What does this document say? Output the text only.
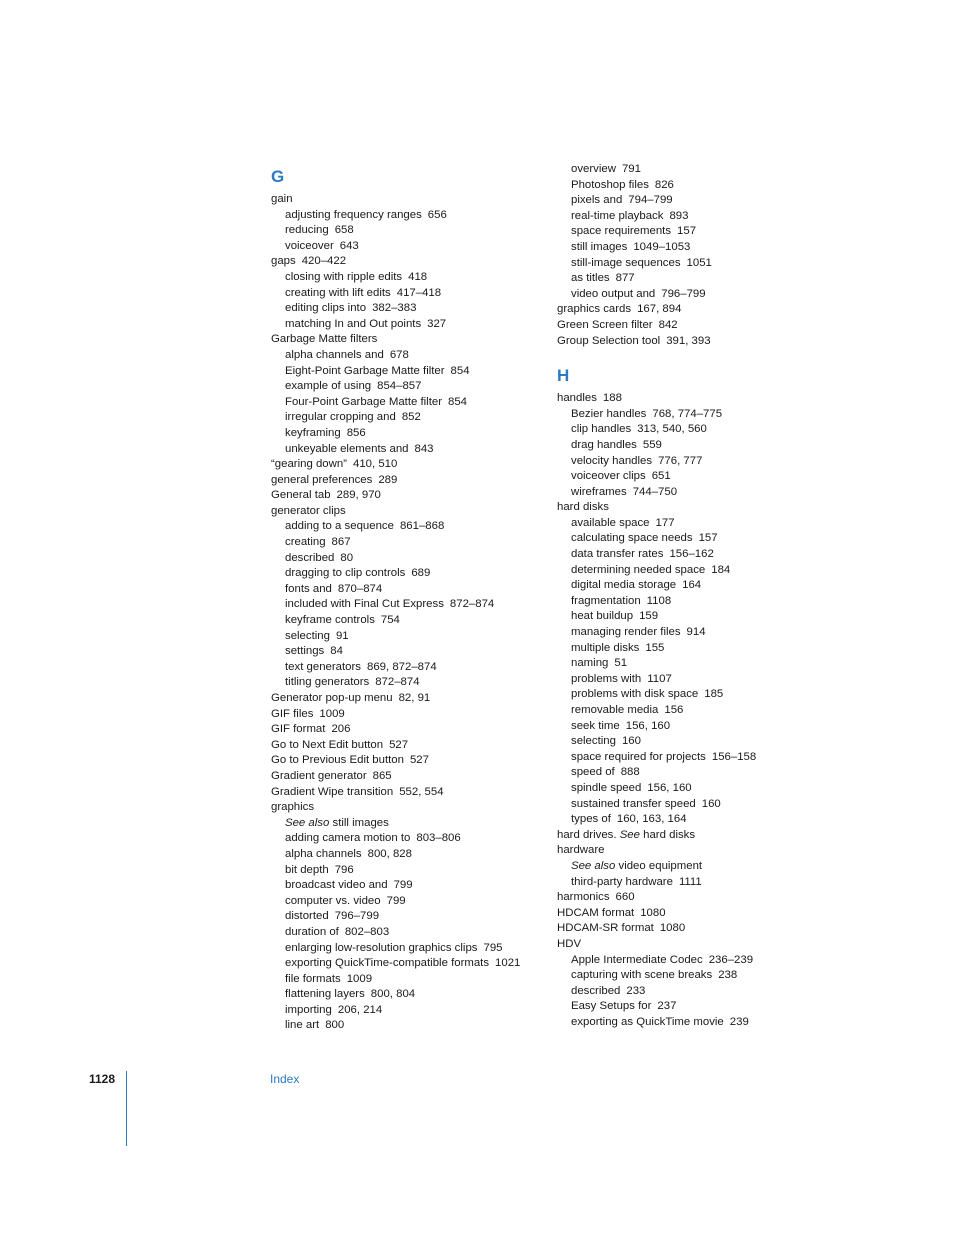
G
gain
adjusting frequency ranges 656
reducing 658
voiceover 643
gaps 420–422
closing with ripple edits 418
creating with lift edits 417–418
editing clips into 382–383
matching In and Out points 327
Garbage Matte filters
alpha channels and 678
Eight-Point Garbage Matte filter 854
example of using 854–857
Four-Point Garbage Matte filter 854
irregular cropping and 852
keyframing 856
unkeyable elements and 843
“gearing down” 410, 510
general preferences 289
General tab 289, 970
generator clips
adding to a sequence 861–868
creating 867
described 80
dragging to clip controls 689
fonts and 870–874
included with Final Cut Express 872–874
keyframe controls 754
selecting 91
settings 84
text generators 869, 872–874
titling generators 872–874
Generator pop-up menu 82, 91
GIF files 1009
GIF format 206
Go to Next Edit button 527
Go to Previous Edit button 527
Gradient generator 865
Gradient Wipe transition 552, 554
graphics
See also still images
adding camera motion to 803–806
alpha channels 800, 828
bit depth 796
broadcast video and 799
computer vs. video 799
distorted 796–799
duration of 802–803
enlarging low-resolution graphics clips 795
exporting QuickTime-compatible formats 1021
file formats 1009
flattening layers 800, 804
importing 206, 214
line art 800
overview 791
Photoshop files 826
pixels and 794–799
real-time playback 893
space requirements 157
still images 1049–1053
still-image sequences 1051
as titles 877
video output and 796–799
graphics cards 167, 894
Green Screen filter 842
Group Selection tool 391, 393
H
handles 188
Bezier handles 768, 774–775
clip handles 313, 540, 560
drag handles 559
velocity handles 776, 777
voiceover clips 651
wireframes 744–750
hard disks
available space 177
calculating space needs 157
data transfer rates 156–162
determining needed space 184
digital media storage 164
fragmentation 1108
heat buildup 159
managing render files 914
multiple disks 155
naming 51
problems with 1107
problems with disk space 185
removable media 156
seek time 156, 160
selecting 160
space required for projects 156–158
speed of 888
spindle speed 156, 160
sustained transfer speed 160
types of 160, 163, 164
hard drives. See hard disks
hardware
See also video equipment
third-party hardware 1111
harmonics 660
HDCAM format 1080
HDCAM-SR format 1080
HDV
Apple Intermediate Codec 236–239
capturing with scene breaks 238
described 233
Easy Setups for 237
exporting as QuickTime movie 239
1128	Index
